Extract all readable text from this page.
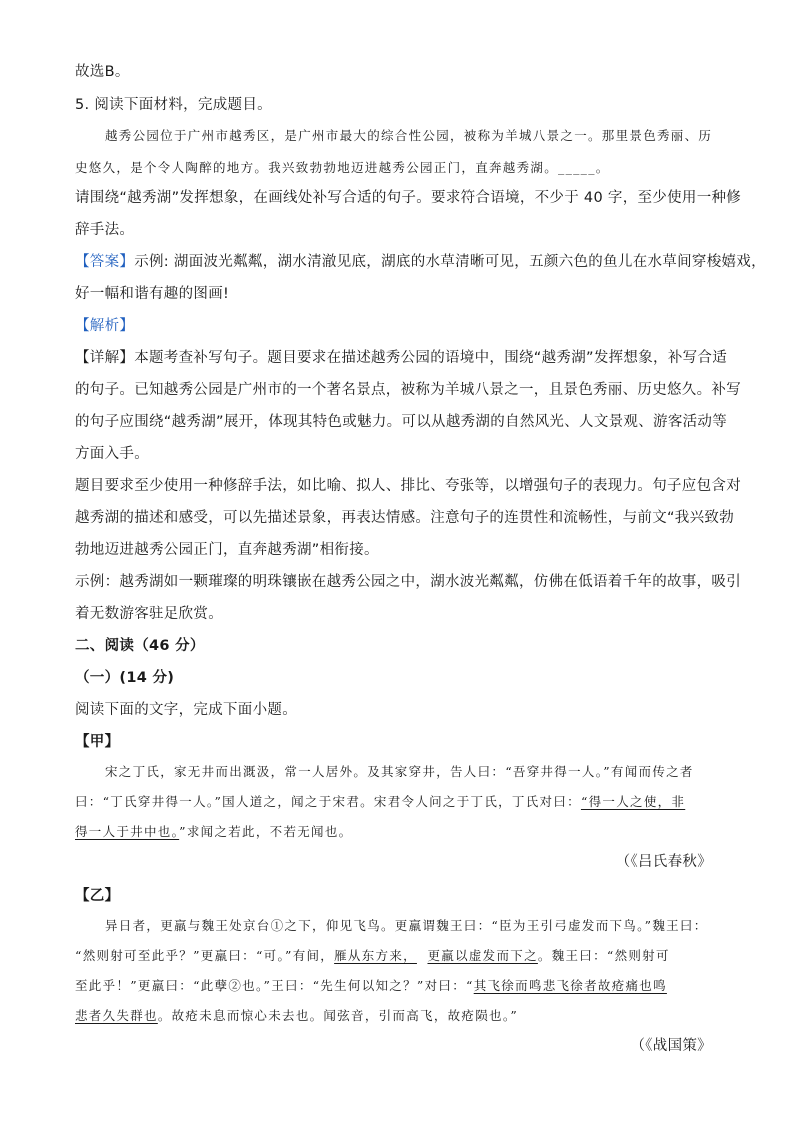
故选B。
5. 阅读下面材料，完成题目。
越秀公园位于广州市越秀区，是广州市最大的综合性公园，被称为羊城八景之一。那里景色秀丽、历
史悠久，是个令人陶醉的地方。我兴致勃勃地迈进越秀公园正门，直奔越秀湖。_____。
请围绕“越秀湖”发挥想象，在画线处补写合适的句子。要求符合语境，不少于 40 字，至少使用一种修
辞手法。
【答案】示例: 湖面波光粼粼，湖水清澈见底，湖底的水草清晰可见，五颜六色的鱼儿在水草间穿梭嬉戏，
好一幅和谐有趣的图画!
【解析】
【详解】本题考查补写句子。题目要求在描述越秀公园的语境中，围绕“越秀湖”发挥想象，补写合适
的句子。已知越秀公园是广州市的一个著名景点，被称为羊城八景之一，且景色秀丽、历史悠久。补写
的句子应围绕“越秀湖”展开，体现其特色或魅力。可以从越秀湖的自然风光、人文景观、游客活动等
方面入手。
题目要求至少使用一种修辞手法，如比喻、拟人、排比、夸张等，以增强句子的表现力。句子应包含对
越秀湖的描述和感受，可以先描述景象，再表达情感。注意句子的连贯性和流畅性，与前文“我兴致勃
勃地迈进越秀公园正门，直奔越秀湖”相衔接。
示例：越秀湖如一颗璀璨的明珠镶嵌在越秀公园之中，湖水波光粼粼，仿佛在低语着千年的故事，吸引
着无数游客驻足欣赏。
二、阅读（46 分）
（一）(14 分)
阅读下面的文字，完成下面小题。
【甲】
宋之丁氏，家无井而出溉汲，常一人居外。及其家穿井，告人曰：“吾穿井得一人。”有闻而传之者
曰：“丁氏穿井得一人。”国人道之，闻之于宋君。宋君令人问之于丁氏，丁氏对曰：“得一人之使，非
得一人于井中也。”求闻之若此，不若无闻也。
（《吕氏春秋》
【乙】
异日者，更羸与魏王处京台①之下，仰见飞鸟。更羸谓魏王曰：“臣为王引弓虚发而下鸟。”魏王曰：
“然则射可至此乎？”更羸曰：“可。”有间，雁从东方来， 更羸以虚发而下之。魏王曰：“然则射可
至此乎！”更羸曰：“此孽②也。”王曰：“先生何以知之？”对曰：“其飞徐而鸣悲飞徐者故疮痛也鸣
悲者久失群也。故疮未息而惊心未去也。闻弦音，引而高飞，故疮陨也。”
（《战国策》
